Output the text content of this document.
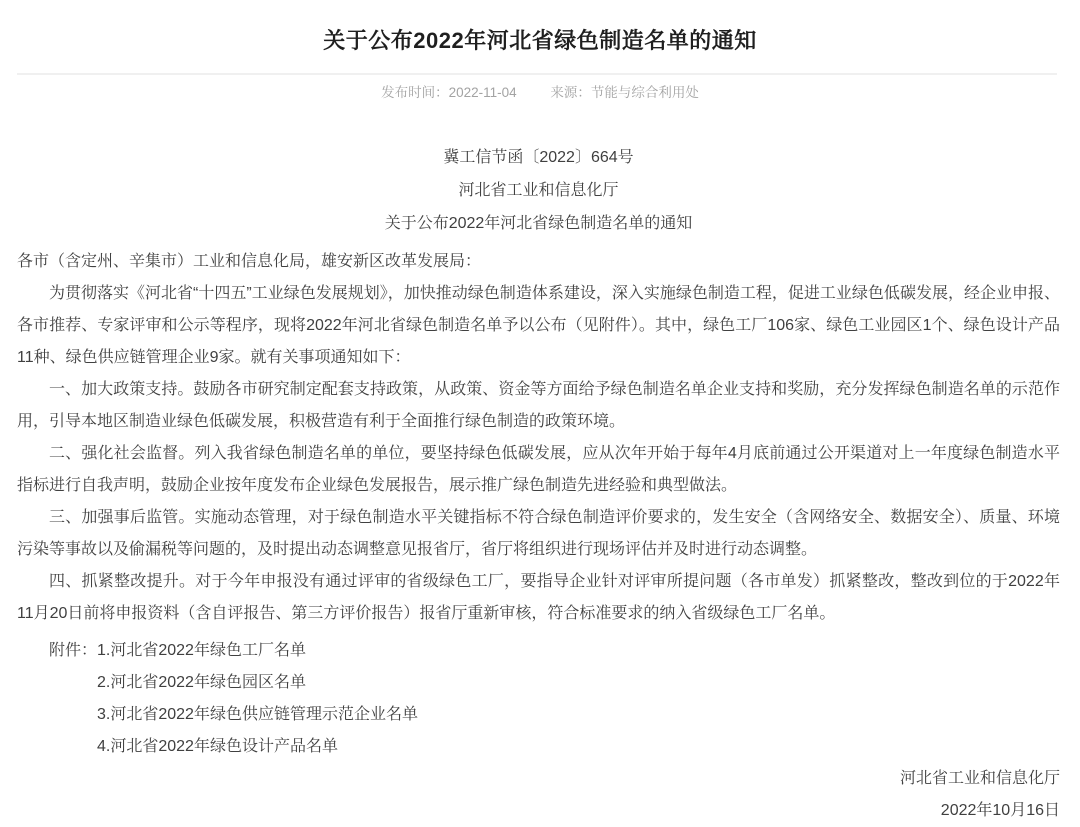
关于公布2022年河北省绿色制造名单的通知
发布时间：2022-11-04	来源：节能与综合利用处

冀工信节函〔2022〕664号

河北省工业和信息化厅

关于公布2022年河北省绿色制造名单的通知

各市（含定州、辛集市）工业和信息化局，雄安新区改革发展局：

为贯彻落实《河北省“十四五”工业绿色发展规划》，加快推动绿色制造体系建设，深入实施绿色制造工程，促进工业绿色低碳发展，经企业申报、各市推荐、专家评审和公示等程序，现将2022年河北省绿色制造名单予以公布（见附件）。其中，绿色工厂106家、绿色工业园区1个、绿色设计产品11种、绿色供应链管理企业9家。就有关事项通知如下：

一、加大政策支持。鼓励各市研究制定配套支持政策，从政策、资金等方面给予绿色制造名单企业支持和奖励，充分发挥绿色制造名单的示范作用，引导本地区制造业绿色低碳发展，积极营造有利于全面推行绿色制造的政策环境。

二、强化社会监督。列入我省绿色制造名单的单位，要坚持绿色低碳发展，应从次年开始于每年4月底前通过公开渠道对上一年度绿色制造水平指标进行自我声明，鼓励企业按年度发布企业绿色发展报告，展示推广绿色制造先进经验和典型做法。

三、加强事后监管。实施动态管理，对于绿色制造水平关键指标不符合绿色制造评价要求的，发生安全（含网络安全、数据安全）、质量、环境污染等事故以及偷漏税等问题的，及时提出动态调整意见报省厅，省厅将组织进行现场评估并及时进行动态调整。

四、抓紧整改提升。对于今年申报没有通过评审的省级绿色工厂，要指导企业针对评审所提问题（各市单发）抓紧整改，整改到位的于2022年11月20日前将申报资料（含自评报告、第三方评价报告）报省厅重新审核，符合标准要求的纳入省级绿色工厂名单。

附件：1.河北省2022年绿色工厂名单

2.河北省2022年绿色园区名单

3.河北省2022年绿色供应链管理示范企业名单

4.河北省2022年绿色设计产品名单

河北省工业和信息化厅

2022年10月16日
